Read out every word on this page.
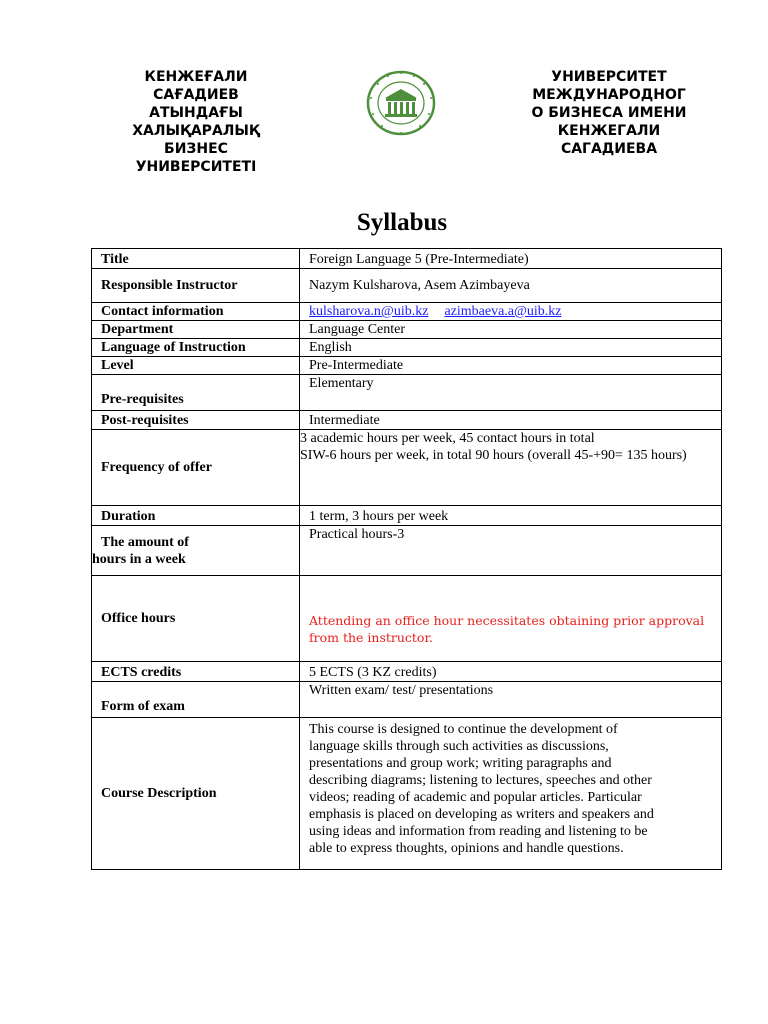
КЕНЖЕҒАЛИ
САҒАДИЕВ
АТЫНДАҒЫ
ХАЛЫҚАРАЛЫҚ
БИЗНЕС
УНИВЕРСИТЕТІ
УНИВЕРСИТЕТ
МЕЖДУНАРОДНОГ
О БИЗНЕСА ИМЕНИ
КЕНЖЕГАЛИ
САГАДИЕВА
Syllabus
Title	Foreign Language 5 (Pre-Intermediate)

Responsible Instructor	Nazym Kulsharova, Asem Azimbayeva

Contact information	kulsharova.n@uib.kz azimbaeva.a@uib.kz

Department	Language Center

Language of Instruction	English

Level	Pre-Intermediate

Pre-requisites	Elementary

Post-requisites	Intermediate

Frequency of offer	3 academic hours per week, 45 contact hours in total
SIW-6 hours per week, in total 90 hours (overall 45-+90= 135 hours)

Duration	1 term, 3 hours per week

The amount of
hours in a week	Practical hours-3

Office hours	Attending an office hour necessitates obtaining prior approval from the instructor.

ECTS credits	5 ECTS (3 KZ credits)

Form of exam	Written exam/ test/ presentations

Course Description	This course is designed to continue the development of language skills through such activities as discussions, presentations and group work; writing paragraphs and describing diagrams; listening to lectures, speeches and other videos; reading of academic and popular articles. Particular emphasis is placed on developing as writers and speakers and using ideas and information from reading and listening to be able to express thoughts, opinions and handle questions.
